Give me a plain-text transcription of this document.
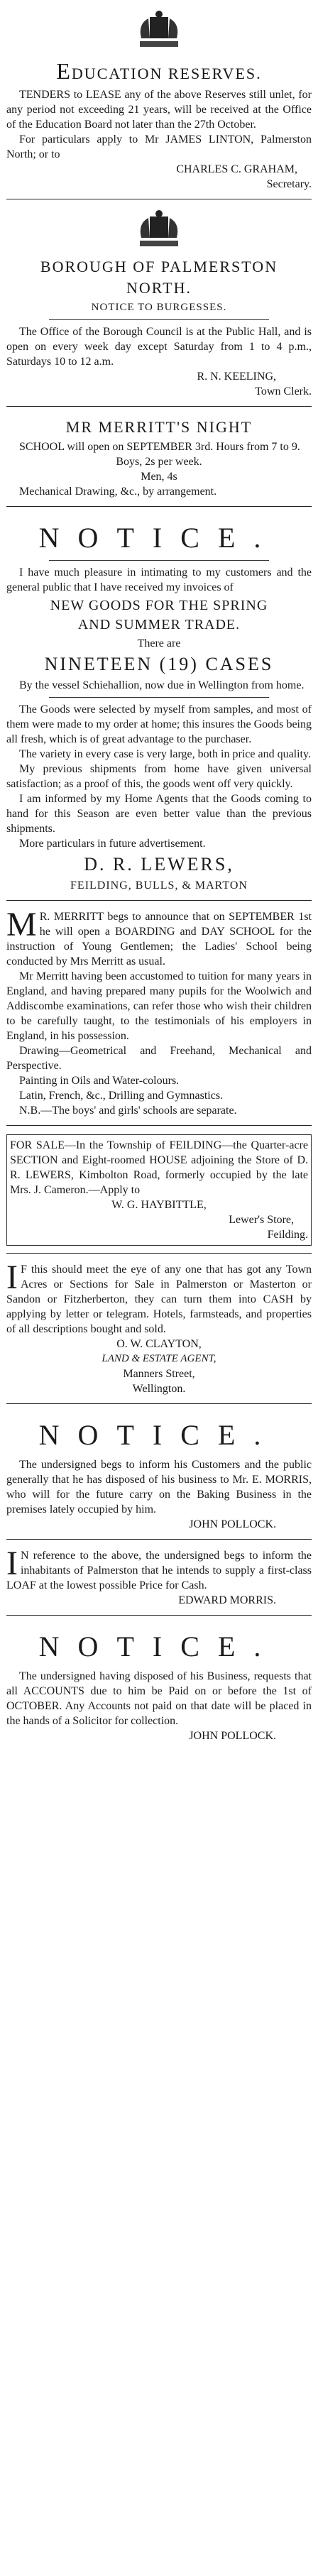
EDUCATION RESERVES.

TENDERS to LEASE any of the above Reserves still unlet, for any period not exceeding 21 years, will be received at the Office of the Education Board not later than the 27th October.

For particulars apply to Mr JAMES LINTON, Palmerston North; or to

CHARLES C. GRAHAM,

Secretary.

BOROUGH OF PALMERSTON
NORTH.

NOTICE TO BURGESSES.

The Office of the Borough Council is at the Public Hall, and is open on every week day except Saturday from 1 to 4 p.m., Saturdays 10 to 12 a.m.

R. N. KEELING,

Town Clerk.

MR MERRITT'S NIGHT

SCHOOL will open on SEPTEMBER 3rd. Hours from 7 to 9.

Boys, 2s per week.

Men, 4s

Mechanical Drawing, &c., by arrangement.

NOTICE.

I have much pleasure in intimating to my customers and the general public that I have received my invoices of

NEW GOODS FOR THE SPRING
AND SUMMER TRADE.

There are

NINETEEN (19) CASES

By the vessel Schiehallion, now due in Wellington from home.

The Goods were selected by myself from samples, and most of them were made to my order at home; this insures the Goods being all fresh, which is of great advantage to the purchaser.

The variety in every case is very large, both in price and quality.

My previous shipments from home have given universal satisfaction; as a proof of this, the goods went off very quickly.

I am informed by my Home Agents that the Goods coming to hand for this Season are even better value than the previous shipments.

More particulars in future advertisement.

D. R. LEWERS,

FEILDING, BULLS, & MARTON

M R. MERRITT begs to announce that on SEPTEMBER 1st he will open a BOARDING and DAY SCHOOL for the instruction of Young Gentlemen; the Ladies' School being conducted by Mrs Merritt as usual.

Mr Merritt having been accustomed to tuition for many years in England, and having prepared many pupils for the Woolwich and Addiscombe examinations, can refer those who wish their children to be carefully taught, to the testimonials of his employers in England, in his possession.

Drawing—Geometrical and Freehand, Mechanical and Perspective.

Painting in Oils and Water-colours.

Latin, French, &c., Drilling and Gymnastics.

N.B.—The boys' and girls' schools are separate.

FOR SALE—In the Township of FEILDING—the Quarter-acre SECTION and Eight-roomed HOUSE adjoining the Store of D. R. LEWERS, Kimbolton Road, formerly occupied by the late Mrs. J. Cameron.—Apply to

W. G. HAYBITTLE,

Lewer's Store,

Feilding.

I F this should meet the eye of any one that has got any Town Acres or Sections for Sale in Palmerston or Masterton or Sandon or Fitzherberton, they can turn them into CASH by applying by letter or telegram. Hotels, farmsteads, and properties of all descriptions bought and sold.

O. W. CLAYTON,

LAND & ESTATE AGENT,

Manners Street,

Wellington.

NOTICE.

The undersigned begs to inform his Customers and the public generally that he has disposed of his business to Mr. E. MORRIS, who will for the future carry on the Baking Business in the premises lately occupied by him.

JOHN POLLOCK.

I N reference to the above, the undersigned begs to inform the inhabitants of Palmerston that he intends to supply a first-class LOAF at the lowest possible Price for Cash.

EDWARD MORRIS.

NOTICE.

The undersigned having disposed of his Business, requests that all ACCOUNTS due to him be Paid on or before the 1st of OCTOBER. Any Accounts not paid on that date will be placed in the hands of a Solicitor for collection.

JOHN POLLOCK.
